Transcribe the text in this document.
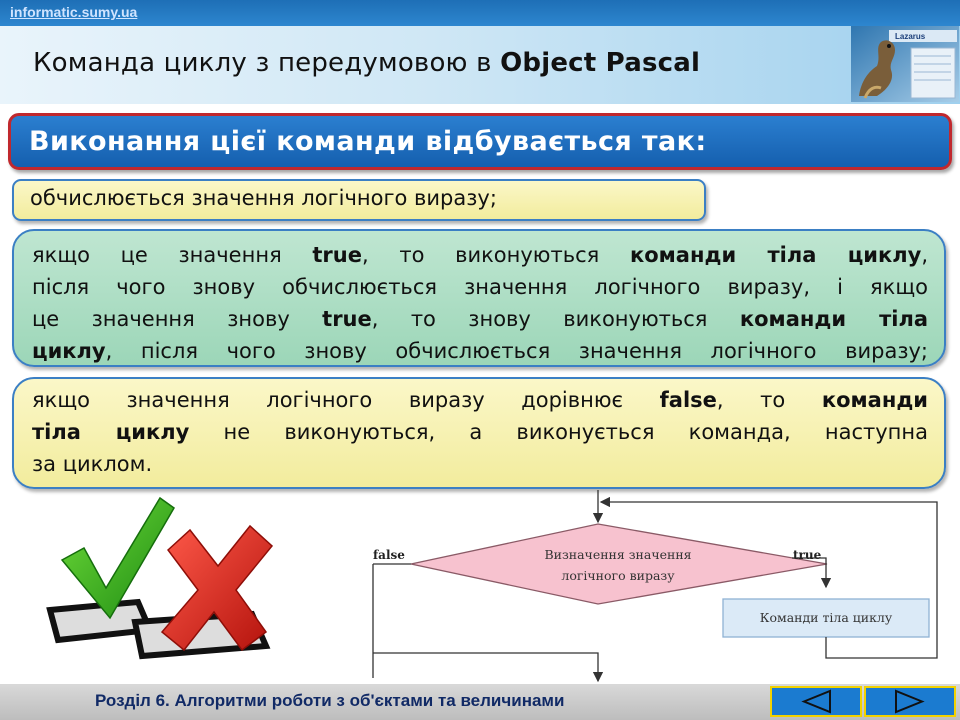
informatic.sumy.ua
Команда циклу з передумовою в Object Pascal
Lazarus
Виконання цієї команди відбувається так:
обчислюється значення логічного виразу;
якщо це значення true, то виконуються команди тіла циклу,
після чого знову обчислюється значення логічного виразу, і якщо
це значення знову true, то знову виконуються команди тіла
циклу, після чого знову обчислюється значення логічного виразу;
якщо значення логічного виразу дорівнює false, то команди
тіла циклу не виконуються, а виконується команда, наступна
за циклом.
Визначення значення
логічного виразу
true
Команди тіла циклу
false
Розділ 6. Алгоритми роботи з об'єктами та величинами
